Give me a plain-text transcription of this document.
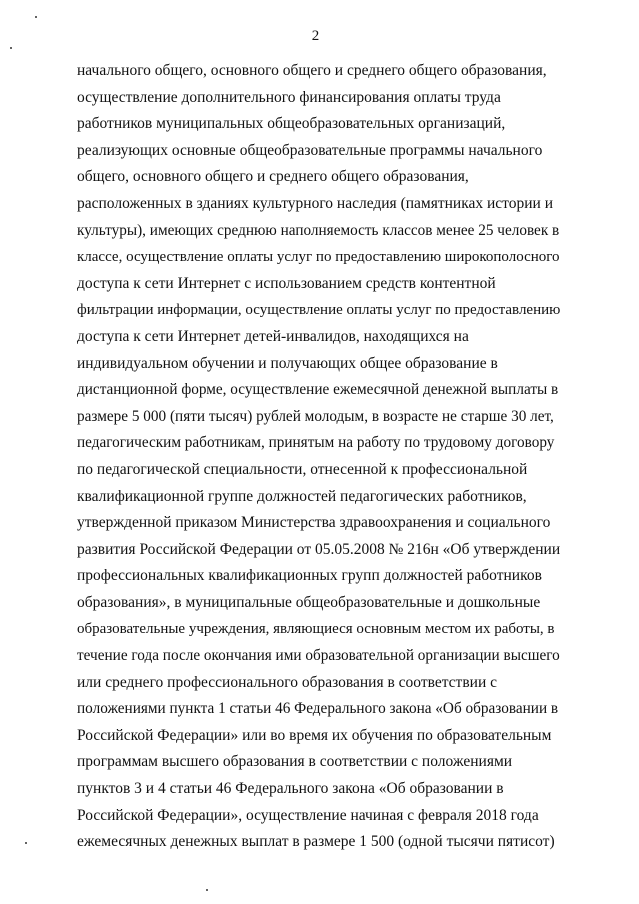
2
начального общего, основного общего и среднего общего образования,
осуществление дополнительного финансирования оплаты труда
работников муниципальных общеобразовательных организаций,
реализующих основные общеобразовательные программы начального
общего, основного общего и среднего общего образования,
расположенных в зданиях культурного наследия (памятниках истории и
культуры), имеющих среднюю наполняемость классов менее 25 человек в
классе, осуществление оплаты услуг по предоставлению широкополосного
доступа к сети Интернет с использованием средств контентной
фильтрации информации, осуществление оплаты услуг по предоставлению
доступа к сети Интернет детей-инвалидов, находящихся на
индивидуальном обучении и получающих общее образование в
дистанционной форме, осуществление ежемесячной денежной выплаты в
размере 5 000 (пяти тысяч) рублей молодым, в возрасте не старше 30 лет,
педагогическим работникам, принятым на работу по трудовому договору
по педагогической специальности, отнесенной к профессиональной
квалификационной группе должностей педагогических работников,
утвержденной приказом Министерства здравоохранения и социального
развития Российской Федерации от 05.05.2008 № 216н «Об утверждении
профессиональных квалификационных групп должностей работников
образования», в муниципальные общеобразовательные и дошкольные
образовательные учреждения, являющиеся основным местом их работы, в
течение года после окончания ими образовательной организации высшего
или среднего профессионального образования в соответствии с
положениями пункта 1 статьи 46 Федерального закона «Об образовании в
Российской Федерации» или во время их обучения по образовательным
программам высшего образования в соответствии с положениями
пунктов 3 и 4 статьи 46 Федерального закона «Об образовании в
Российской Федерации», осуществление начиная с февраля 2018 года
ежемесячных денежных выплат в размере 1 500 (одной тысячи пятисот)
